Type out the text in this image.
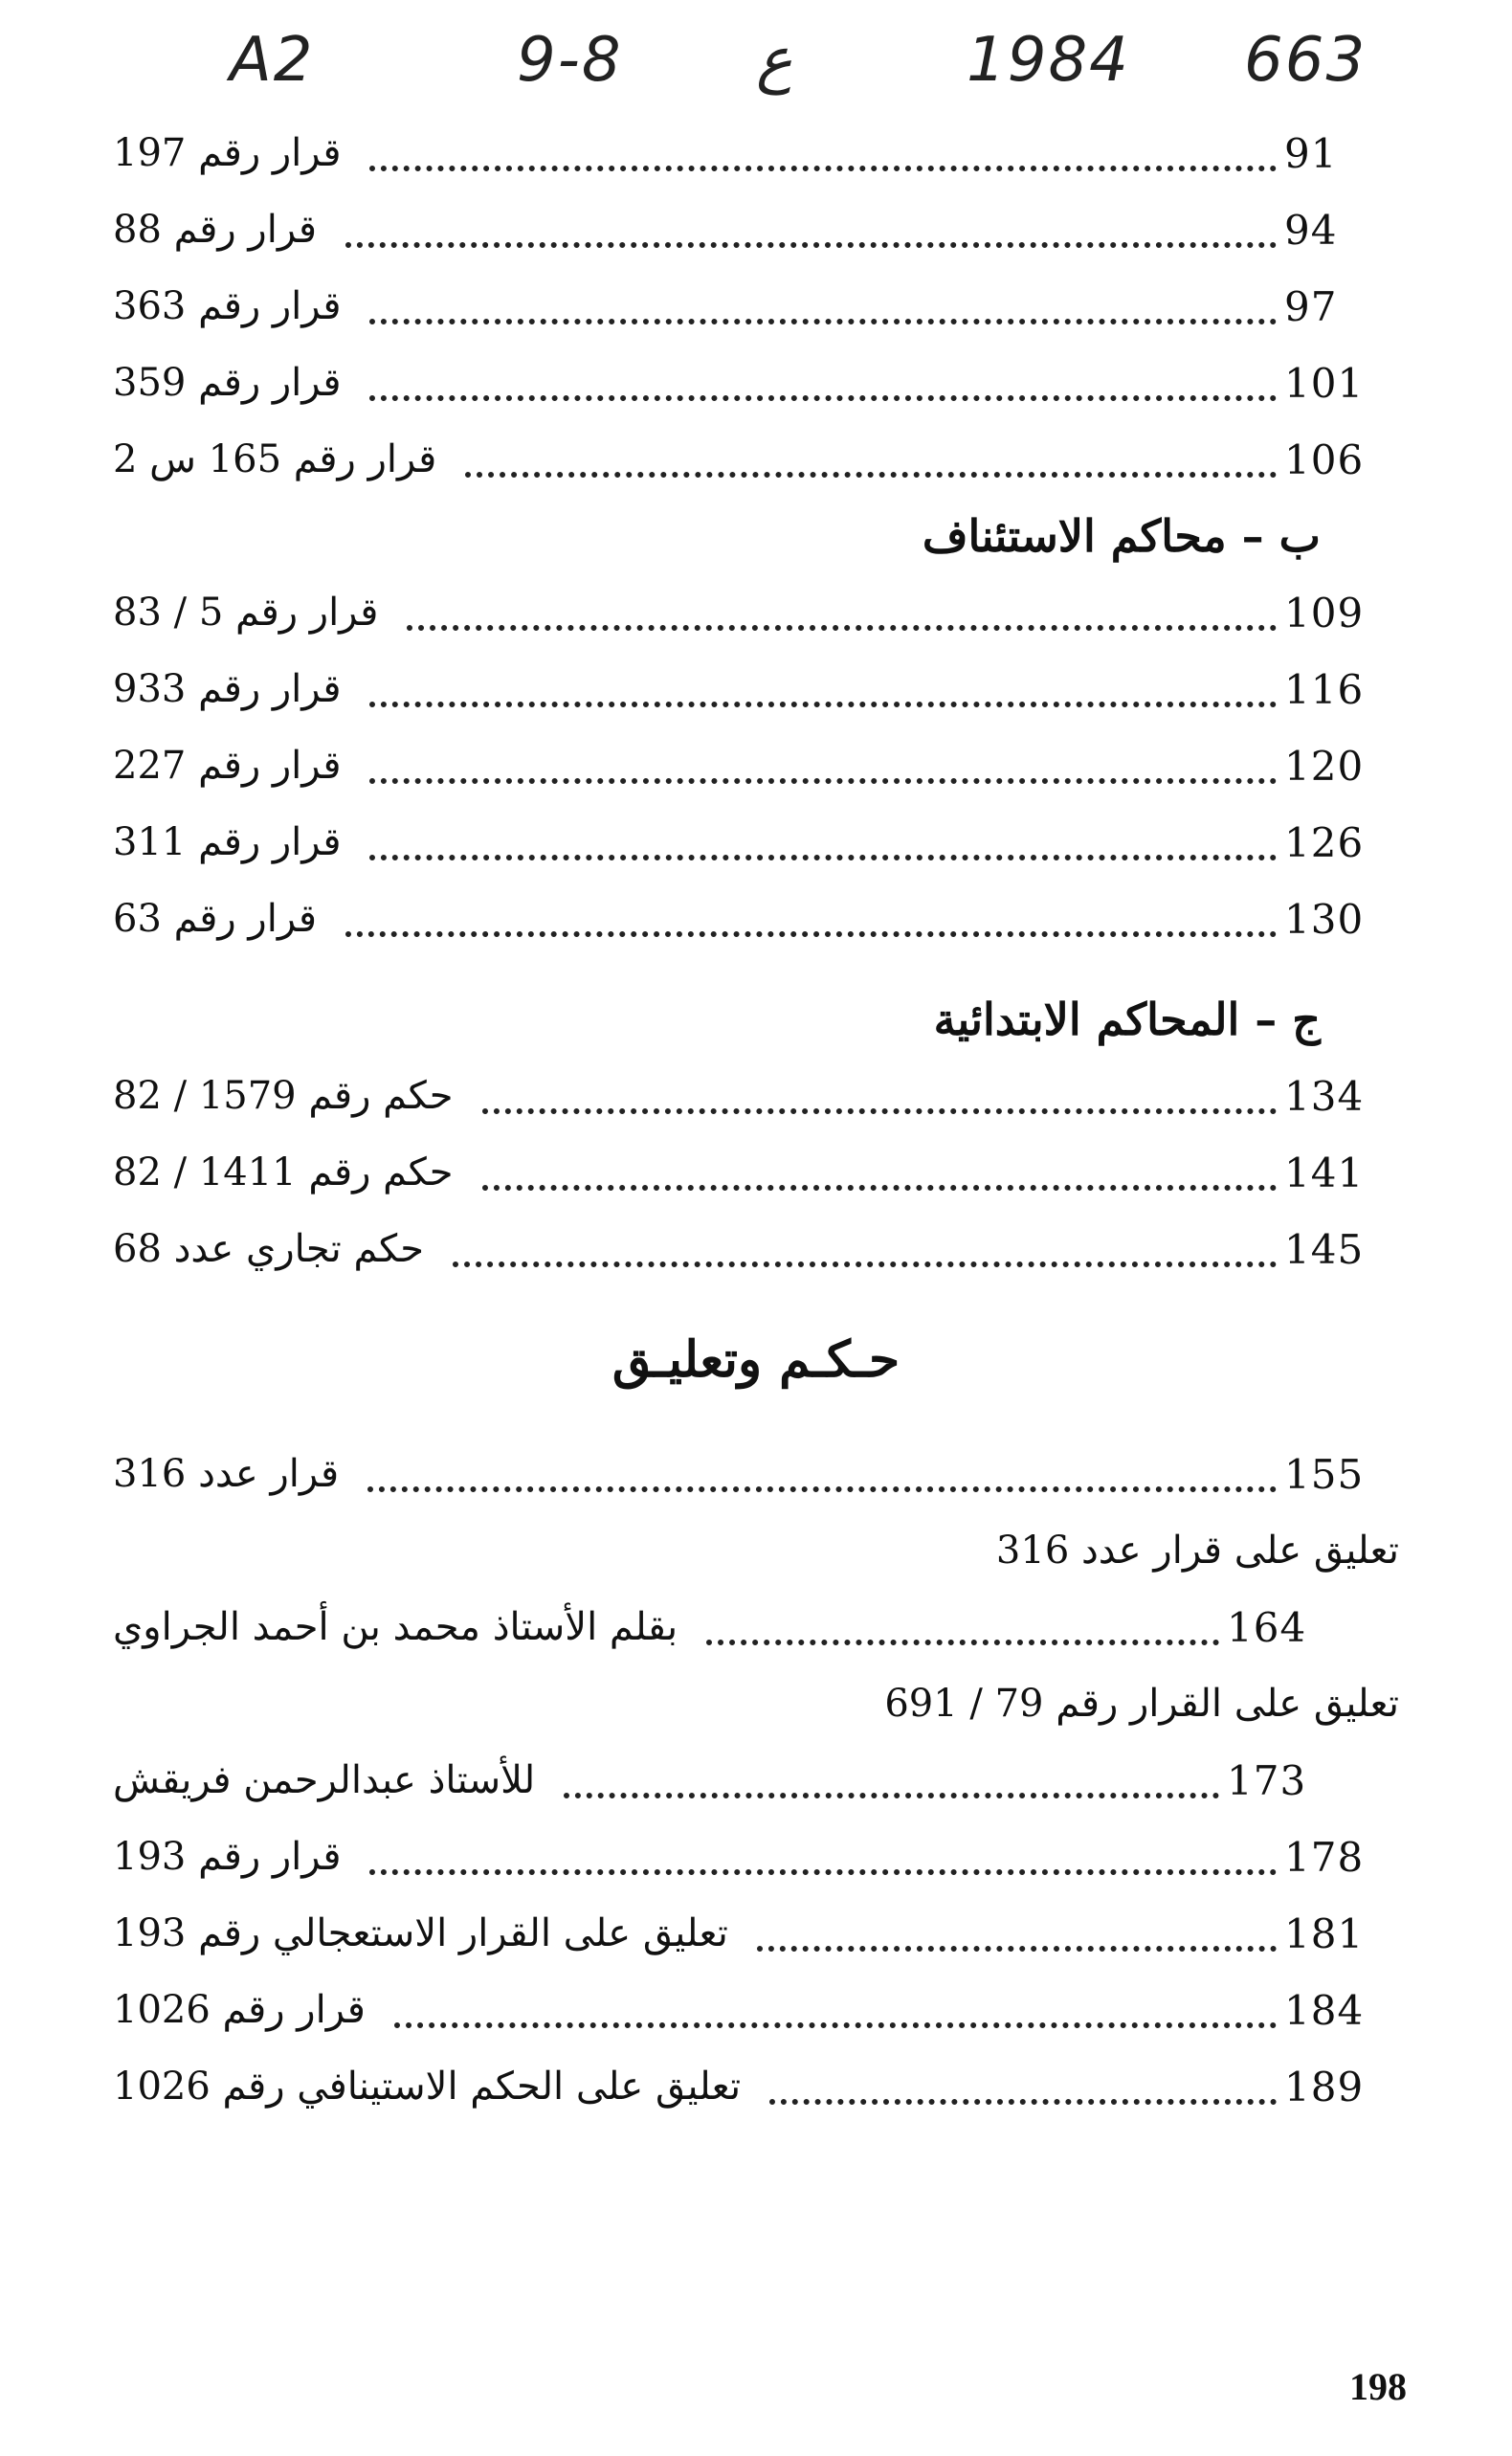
A2	9-8 ع	1984 663
قرار رقم 197	91
قرار رقم 88	94
قرار رقم 363	97
قرار رقم 359	101
قرار رقم 165 س 2	106
ب – محاكم الاستئناف
قرار رقم 5 / 83	109
قرار رقم 933	116
قرار رقم 227	120
قرار رقم 311	126
قرار رقم 63	130
ج – المحاكم الابتدائية
حكم رقم 1579 / 82	134
حكم رقم 1411 / 82	141
حكم تجاري عدد 68	145
حـكـم وتعليـق
قرار عدد 316	155
تعليق على قرار عدد 316
بقلم الأستاذ محمد بن أحمد الجراوي	164
تعليق على القرار رقم 79 / 691
للأستاذ عبدالرحمن فريقش	173
قرار رقم 193	178
تعليق على القرار الاستعجالي رقم 193	181
قرار رقم 1026	184
تعليق على الحكم الاستينافي رقم 1026	189
198
